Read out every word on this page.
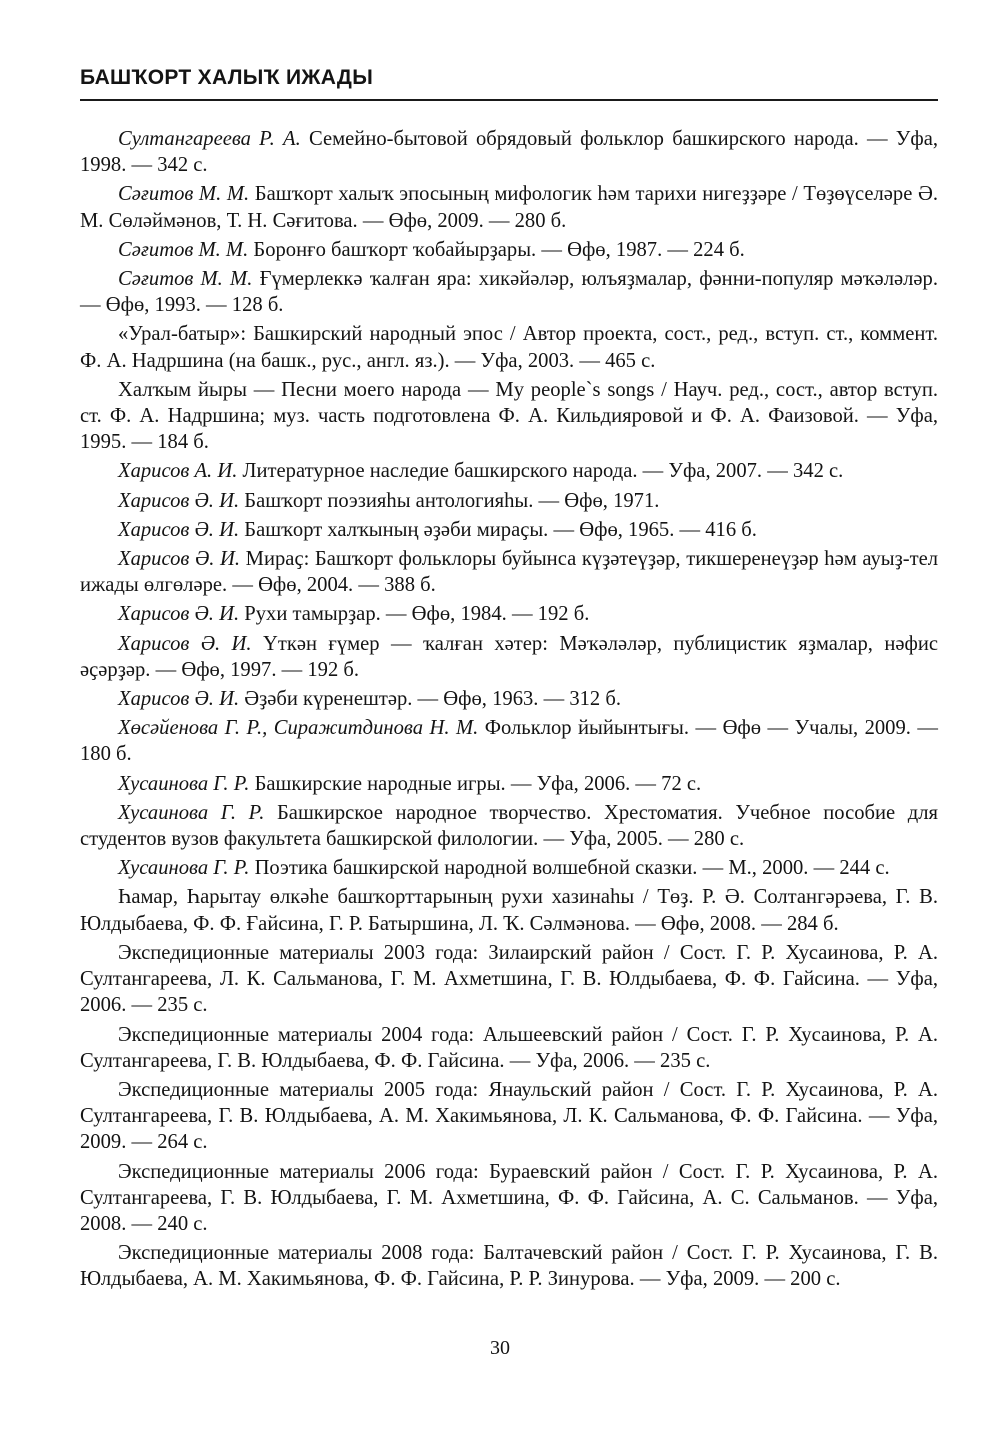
БАШҠОРТ ХАЛЫҠ ИЖАДЫ

Султангареева Р. А. Семейно-бытовой обрядовый фольклор башкирского народа. — Уфа, 1998. — 342 с.

Сәғитов М. М. Башҡорт халыҡ эпосының мифологик һәм тарихи нигеҙҙәре / Төҙөүселәре Ә. М. Сөләймәнов, Т. Н. Сәғитова. — Өфө, 2009. — 280 б.

Сәғитов М. М. Боронғо башҡорт ҡобайырҙары. — Өфө, 1987. — 224 б.

Сәғитов М. М. Ғүмерлеккә ҡалған яра: хикәйәләр, юлъяҙмалар, фәнни-популяр мәҡәләләр. — Өфө, 1993. — 128 б.

«Урал-батыр»: Башкирский народный эпос / Автор проекта, сост., ред., вступ. ст., коммент. Ф. А. Надршина (на башк., рус., англ. яз.). — Уфа, 2003. — 465 с.

Халҡым йыры — Песни моего народа — My people`s songs / Науч. ред., сост., автор вступ. ст. Ф. А. Надршина; муз. часть подготовлена Ф. А. Кильдияровой и Ф. А. Фаизовой. — Уфа, 1995. — 184 б.

Харисов А. И. Литературное наследие башкирского народа. — Уфа, 2007. — 342 с.

Харисов Ә. И. Башҡорт поэзияһы антологияһы. — Өфө, 1971.

Харисов Ә. И. Башҡорт халҡының әҙәби мираҫы. — Өфө, 1965. — 416 б.

Харисов Ә. И. Мираҫ: Башҡорт фольклоры буйынса күҙәтеүҙәр, тикшеренеүҙәр һәм ауыҙ-тел ижады өлгөләре. — Өфө, 2004. — 388 б.

Харисов Ә. И. Рухи тамырҙар. — Өфө, 1984. — 192 б.

Харисов Ә. И. Үткән ғүмер — ҡалған хәтер: Мәҡәләләр, публицистик яҙмалар, нәфис әҫәрҙәр. — Өфө, 1997. — 192 б.

Харисов Ә. И. Әҙәби күренештәр. — Өфө, 1963. — 312 б.

Хөсәйенова Г. Р., Сиражитдинова Н. М. Фольклор йыйынтығы. — Өфө — Учалы, 2009. — 180 б.

Хусаинова Г. Р. Башкирские народные игры. — Уфа, 2006. — 72 с.

Хусаинова Г. Р. Башкирское народное творчество. Хрестоматия. Учебное пособие для студентов вузов факультета башкирской филологии. — Уфа, 2005. — 280 с.

Хусаинова Г. Р. Поэтика башкирской народной волшебной сказки. — М., 2000. — 244 с.

Һамар, Һарытау өлкәһе башҡорттарының рухи хазинаһы / Төҙ. Р. Ә. Солтангәрәева, Г. В. Юлдыбаева, Ф. Ф. Ғайсина, Г. Р. Батыршина, Л. Ҡ. Сәлмәнова. — Өфө, 2008. — 284 б.

Экспедиционные материалы 2003 года: Зилаирский район / Сост. Г. Р. Хусаинова, Р. А. Султангареева, Л. К. Сальманова, Г. М. Ахметшина, Г. В. Юлдыбаева, Ф. Ф. Гайсина. — Уфа, 2006. — 235 с.

Экспедиционные материалы 2004 года: Альшеевский район / Сост. Г. Р. Хусаинова, Р. А. Султангареева, Г. В. Юлдыбаева, Ф. Ф. Гайсина. — Уфа, 2006. — 235 с.

Экспедиционные материалы 2005 года: Янаульский район / Сост. Г. Р. Хусаинова, Р. А. Султангареева, Г. В. Юлдыбаева, А. М. Хакимьянова, Л. К. Сальманова, Ф. Ф. Гайсина. — Уфа, 2009. — 264 с.

Экспедиционные материалы 2006 года: Бураевский район / Сост. Г. Р. Хусаинова, Р. А. Султангареева, Г. В. Юлдыбаева, Г. М. Ахметшина, Ф. Ф. Гайсина, А. С. Сальманов. — Уфа, 2008. — 240 с.

Экспедиционные материалы 2008 года: Балтачевский район / Сост. Г. Р. Хусаинова, Г. В. Юлдыбаева, А. М. Хакимьянова, Ф. Ф. Гайсина, Р. Р. Зинурова. — Уфа, 2009. — 200 с.

30
